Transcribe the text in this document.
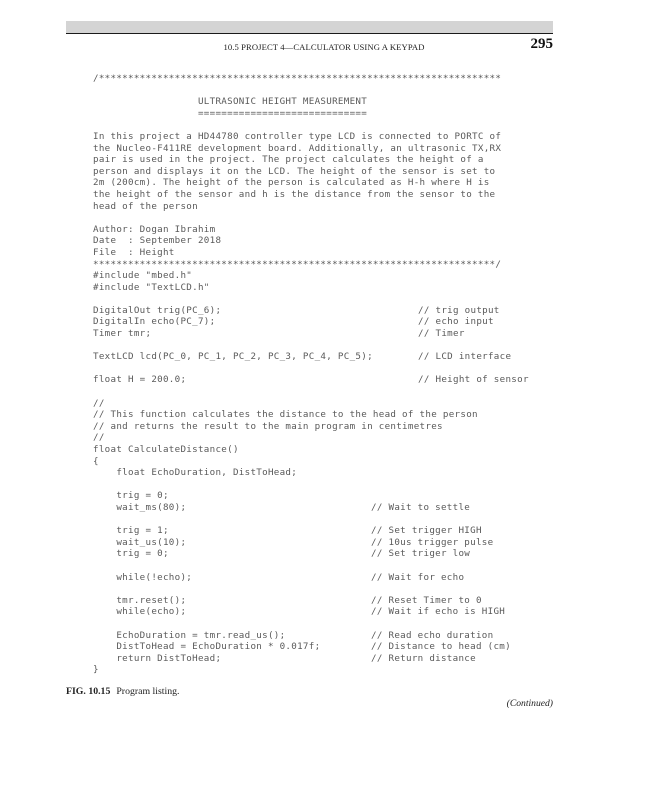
10.5 PROJECT 4—CALCULATOR USING A KEYPAD	295
/*********************************************************************
ULTRASONIC HEIGHT MEASUREMENT
=============================
In this project a HD44780 controller type LCD is connected to PORTC of
the Nucleo-F411RE development board. Additionally, an ultrasonic TX,RX
pair is used in the project. The project calculates the height of a
person and displays it on the LCD. The height of the sensor is set to
2m (200cm). The height of the person is calculated as H-h where H is
the height of the sensor and h is the distance from the sensor to the
head of the person
Author: Dogan Ibrahim
Date  : September 2018
File  : Height
*********************************************************************/
#include "mbed.h"
#include "TextLCD.h"
DigitalOut trig(PC_6);	// trig output
DigitalIn echo(PC_7);	// echo input
Timer tmr;	// Timer
TextLCD lcd(PC_0, PC_1, PC_2, PC_3, PC_4, PC_5);	// LCD interface
float H = 200.0;	// Height of sensor
//
// This function calculates the distance to the head of the person
// and returns the result to the main program in centimetres
//
float CalculateDistance()
{
float EchoDuration, DistToHead;
trig = 0;
wait_ms(80);	// Wait to settle
trig = 1;	// Set trigger HIGH
wait_us(10);	// 10us trigger pulse
trig = 0;	// Set triger low
while(!echo);	// Wait for echo
tmr.reset();	// Reset Timer to 0
while(echo);	// Wait if echo is HIGH
EchoDuration = tmr.read_us();	// Read echo duration
DistToHead = EchoDuration * 0.017f;	// Distance to head (cm)
return DistToHead;	// Return distance
}
FIG. 10.15 Program listing.
(Continued)
